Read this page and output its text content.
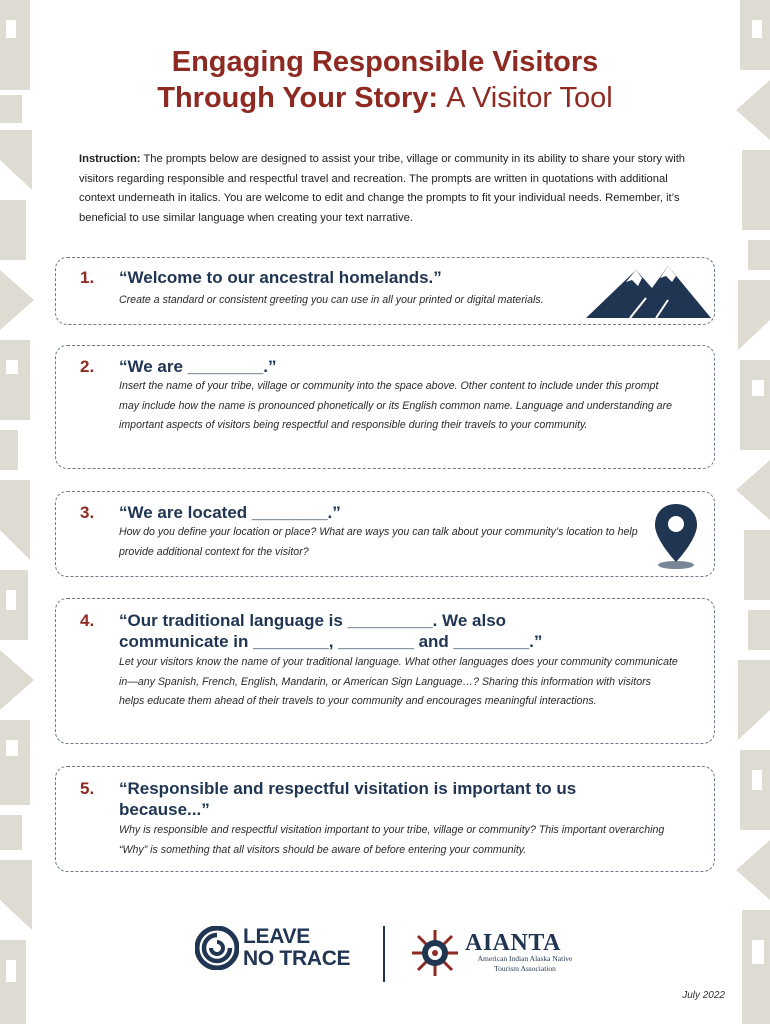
Engaging Responsible Visitors
Through Your Story: A Visitor Tool
Instruction: The prompts below are designed to assist your tribe, village or community in its ability to share your story with visitors regarding responsible and respectful travel and recreation. The prompts are written in quotations with additional context underneath in italics. You are welcome to edit and change the prompts to fit your individual needs. Remember, it’s beneficial to use similar language when creating your text narrative.
1. “Welcome to our ancestral homelands.”
Create a standard or consistent greeting you can use in all your printed or digital materials.
2. “We are ________.”
Insert the name of your tribe, village or community into the space above. Other content to include under this prompt may include how the name is pronounced phonetically or its English common name. Language and understanding are important aspects of visitors being respectful and responsible during their travels to your community.
3. “We are located ________.”
How do you define your location or place? What are ways you can talk about your community’s location to help provide additional context for the visitor?
4. “Our traditional language is _________. We also communicate in ________, ________ and ________.”
Let your visitors know the name of your traditional language. What other languages does your community communicate in—any Spanish, French, English, Mandarin, or American Sign Language…? Sharing this information with visitors helps educate them ahead of their travels to your community and encourages meaningful interactions.
5. “Responsible and respectful visitation is important to us because...”
Why is responsible and respectful visitation important to your tribe, village or community? This important overarching “Why” is something that all visitors should be aware of before entering your community.
LEAVE
NO TRACE
AIANTA
American Indian Alaska Native Tourism Association
July 2022
